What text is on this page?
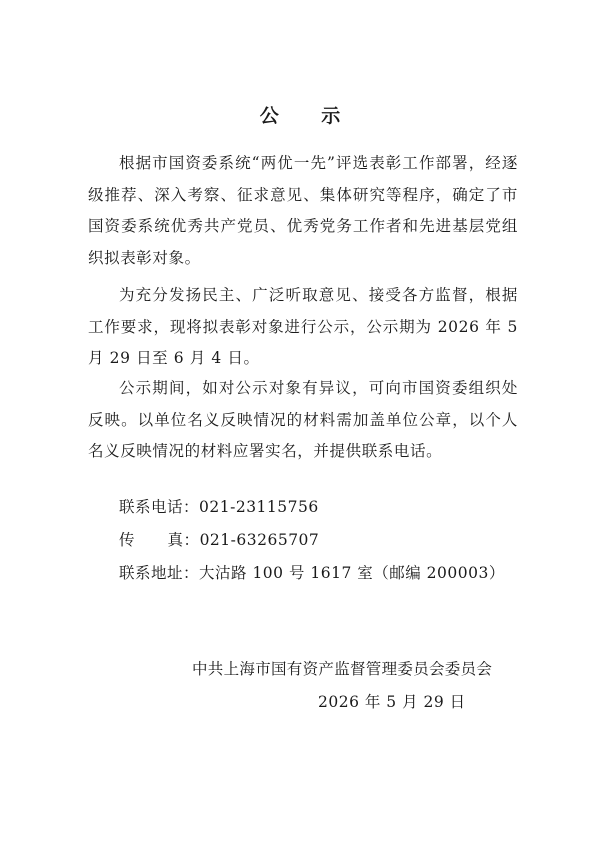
公 示
根据市国资委系统“两优一先”评选表彰工作部署，经逐级推荐、深入考察、征求意见、集体研究等程序，确定了市国资委系统优秀共产党员、优秀党务工作者和先进基层党组织拟表彰对象。
为充分发扬民主、广泛听取意见、接受各方监督，根据工作要求，现将拟表彰对象进行公示，公示期为 2026 年 5 月 29 日至 6 月 4 日。
公示期间，如对公示对象有异议，可向市国资委组织处反映。以单位名义反映情况的材料需加盖单位公章，以个人名义反映情况的材料应署实名，并提供联系电话。
联系电话：021-23115756
传      真：021-63265707
联系地址：大沽路 100 号 1617 室（邮编 200003）
中共上海市国有资产监督管理委员会委员会
2026 年 5 月 29 日
